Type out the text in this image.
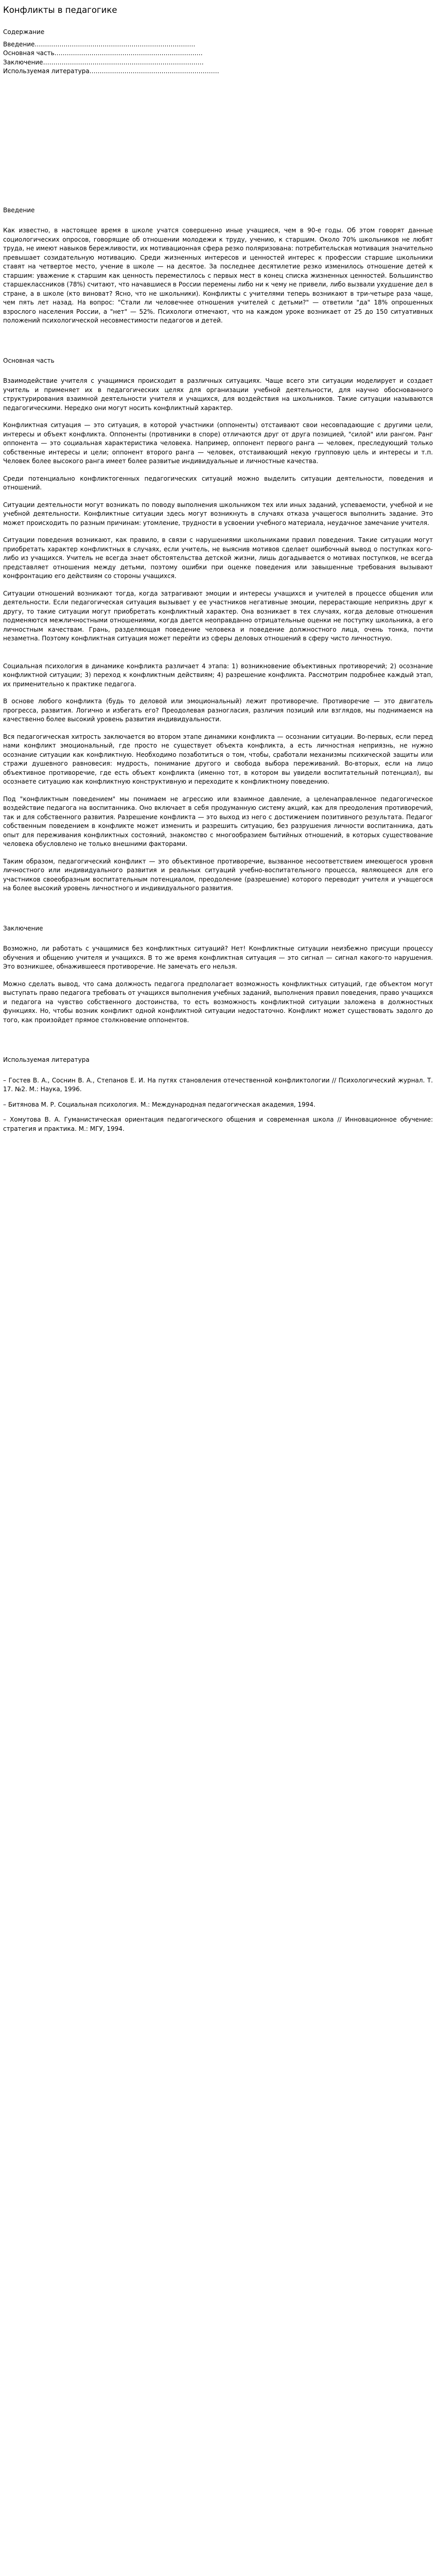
Конфликты в педагогике
Содержание
Введение……………………………………………………………………
Основная часть………………………………………………………………
Заключение……………………………………………………………………
Используемая литература………………………………………………………
Введение

Как известно, в настоящее время в школе учатся совершенно иные учащиеся, чем в 90-е годы. Об этом говорят данные социологических опросов, говорящие об отношении молодежи к труду, учению, к старшим. Около 70% школьников не любят труда, не имеют навыков бережливости, их мотивационная сфера резко поляризована: потребительская мотивация значительно превышает созидательную мотивацию. Среди жизненных интересов и ценностей интерес к профессии старшие школьники ставят на четвертое место, учение в школе — на десятое. За последнее десятилетие резко изменилось отношение детей к старшим: уважение к старшим как ценность переместилось с первых мест в конец списка жизненных ценностей. Большинство старшеклассников (78%) считают, что начавшиеся в России перемены либо ни к чему не привели, либо вызвали ухудшение дел в стране, а в школе (кто виноват? Ясно, что не школьники). Конфликты с учителями теперь возникают в три-четыре раза чаще, чем пять лет назад. На вопрос: "Стали ли человечнее отношения учителей с детьми?" — ответили "да" 18% опрошенных взрослого населения России, а "нет" — 52%. Психологи отмечают, что на каждом уроке возникает от 25 до 150 ситуативных положений психологической несовместимости педагогов и детей.

Основная часть

Взаимодействие учителя с учащимися происходит в различных ситуациях. Чаще всего эти ситуации моделирует и создает учитель и применяет их в педагогических целях для организации учебной деятельности, для научно обоснованного структурирования взаимной деятельности учителя и учащихся, для воздействия на школьников. Такие ситуации называются педагогическими. Нередко они могут носить конфликтный характер.

Конфликтная ситуация — это ситуация, в которой участники (оппоненты) отстаивают свои несовпадающие с другими цели, интересы и объект конфликта. Оппоненты (противники в споре) отличаются друг от друга позицией, "силой" или рангом. Ранг оппонента — это социальная характеристика человека. Например, оппонент первого ранга — человек, преследующий только собственные интересы и цели; оппонент второго ранга — человек, отстаивающий некую групповую цель и интересы и т.п. Человек более высокого ранга имеет более развитые индивидуальные и личностные качества.

Среди потенциально конфликтогенных педагогических ситуаций можно выделить ситуации деятельности, поведения и отношений.

Ситуации деятельности могут возникать по поводу выполнения школьником тех или иных заданий, успеваемости, учебной и не учебной деятельности. Конфликтные ситуации здесь могут возникнуть в случаях отказа учащегося выполнить задание. Это может происходить по разным причинам: утомление, трудности в усвоении учебного материала, неудачное замечание учителя.

Ситуации поведения возникают, как правило, в связи с нарушениями школьниками правил поведения. Такие ситуации могут приобретать характер конфликтных в случаях, если учитель, не выяснив мотивов сделает ошибочный вывод о поступках кого-либо из учащихся. Учитель не всегда знает обстоятельства детской жизни, лишь догадывается о мотивах поступков, не всегда представляет отношения между детьми, поэтому ошибки при оценке поведения или завышенные требования вызывают конфронтацию его действиям со стороны учащихся.

Ситуации отношений возникают тогда, когда затрагивают эмоции и интересы учащихся и учителей в процессе общения или деятельности. Если педагогическая ситуация вызывает у ее участников негативные эмоции, перерастающие неприязнь друг к другу, то такие ситуации могут приобретать конфликтный характер. Она возникает в тех случаях, когда деловые отношения подменяются межличностными отношениями, когда дается неоправданно отрицательные оценки не поступку школьника, а его личностным качествам. Грань, разделяющая поведение человека и поведение должностного лица, очень тонка, почти незаметна. Поэтому конфликтная ситуация может перейти из сферы деловых отношений в сферу чисто личностную.

Социальная психология в динамике конфликта различает 4 этапа: 1) возникновение объективных противоречий; 2) осознание конфликтной ситуации; 3) переход к конфликтным действиям; 4) разрешение конфликта. Рассмотрим подробнее каждый этап, их применительно к практике педагога.

В основе любого конфликта (будь то деловой или эмоциональный) лежит противоречие. Противоречие — это двигатель прогресса, развития. Логично и избегать его? Преодолевая разногласия, различия позиций или взглядов, мы поднимаемся на качественно более высокий уровень развития индивидуальности.

Вся педагогическая хитрость заключается во втором этапе динамики конфликта — осознании ситуации. Во-первых, если перед нами конфликт эмоциональный, где просто не существует объекта конфликта, а есть личностная неприязнь, не нужно осознание ситуации как конфликтную. Необходимо позаботиться о том, чтобы, сработали механизмы психической защиты или стражи душевного равновесия: мудрость, понимание другого и свобода выбора переживаний. Во-вторых, если на лицо объективное противоречие, где есть объект конфликта (именно тот, в котором вы увидели воспитательный потенциал), вы осознаете ситуацию как конфликтную конструктивную и переходите к конфликтному поведению.

Под "конфликтным поведением" мы понимаем не агрессию или взаимное давление, а целенаправленное педагогическое воздействие педагога на воспитанника. Оно включает в себя продуманную систему акций, как для преодоления противоречий, так и для собственного развития. Разрешение конфликта — это выход из него с достижением позитивного результата. Педагог собственным поведением в конфликте может изменить и разрешить ситуацию, без разрушения личности воспитанника, дать опыт для переживания конфликтных состояний, знакомство с многообразием бытийных отношений, в которых существование человека обусловлено не только внешними факторами.

Таким образом, педагогический конфликт — это объективное противоречие, вызванное несоответствием имеющегося уровня личностного или индивидуального развития и реальных ситуаций учебно-воспитательного процесса, являющееся для его участников своеобразным воспитательным потенциалом, преодоление (разрешение) которого переводит учителя и учащегося на более высокий уровень личностного и индивидуального развития.

Заключение

Возможно, ли работать с учащимися без конфликтных ситуаций? Нет! Конфликтные ситуации неизбежно присущи процессу обучения и общению учителя и учащихся. В то же время конфликтная ситуация — это сигнал — сигнал какого-то нарушения. Это возникшее, обнажившееся противоречие. Не замечать его нельзя.

Можно сделать вывод, что сама должность педагога предполагает возможность конфликтных ситуаций, где объектом могут выступать право педагога требовать от учащихся выполнения учебных заданий, выполнения правил поведения, право учащихся и педагога на чувство собственного достоинства, то есть возможность конфликтной ситуации заложена в должностных функциях. Но, чтобы возник конфликт одной конфликтной ситуации недостаточно. Конфликт может существовать задолго до того, как произойдет прямое столкновение оппонентов.

Используемая литература

– Гостев В. А., Соснин В. А., Степанов Е. И. На путях становления отечественной конфликтологии // Психологический журнал. Т. 17. №2. М.: Наука, 1996.

– Битянова М. Р. Социальная психология. М.: Международная педагогическая академия, 1994.

– Хомутова В. А. Гуманистическая ориентация педагогического общения и современная школа // Инновационное обучение: стратегия и практика. М.: МГУ, 1994.
